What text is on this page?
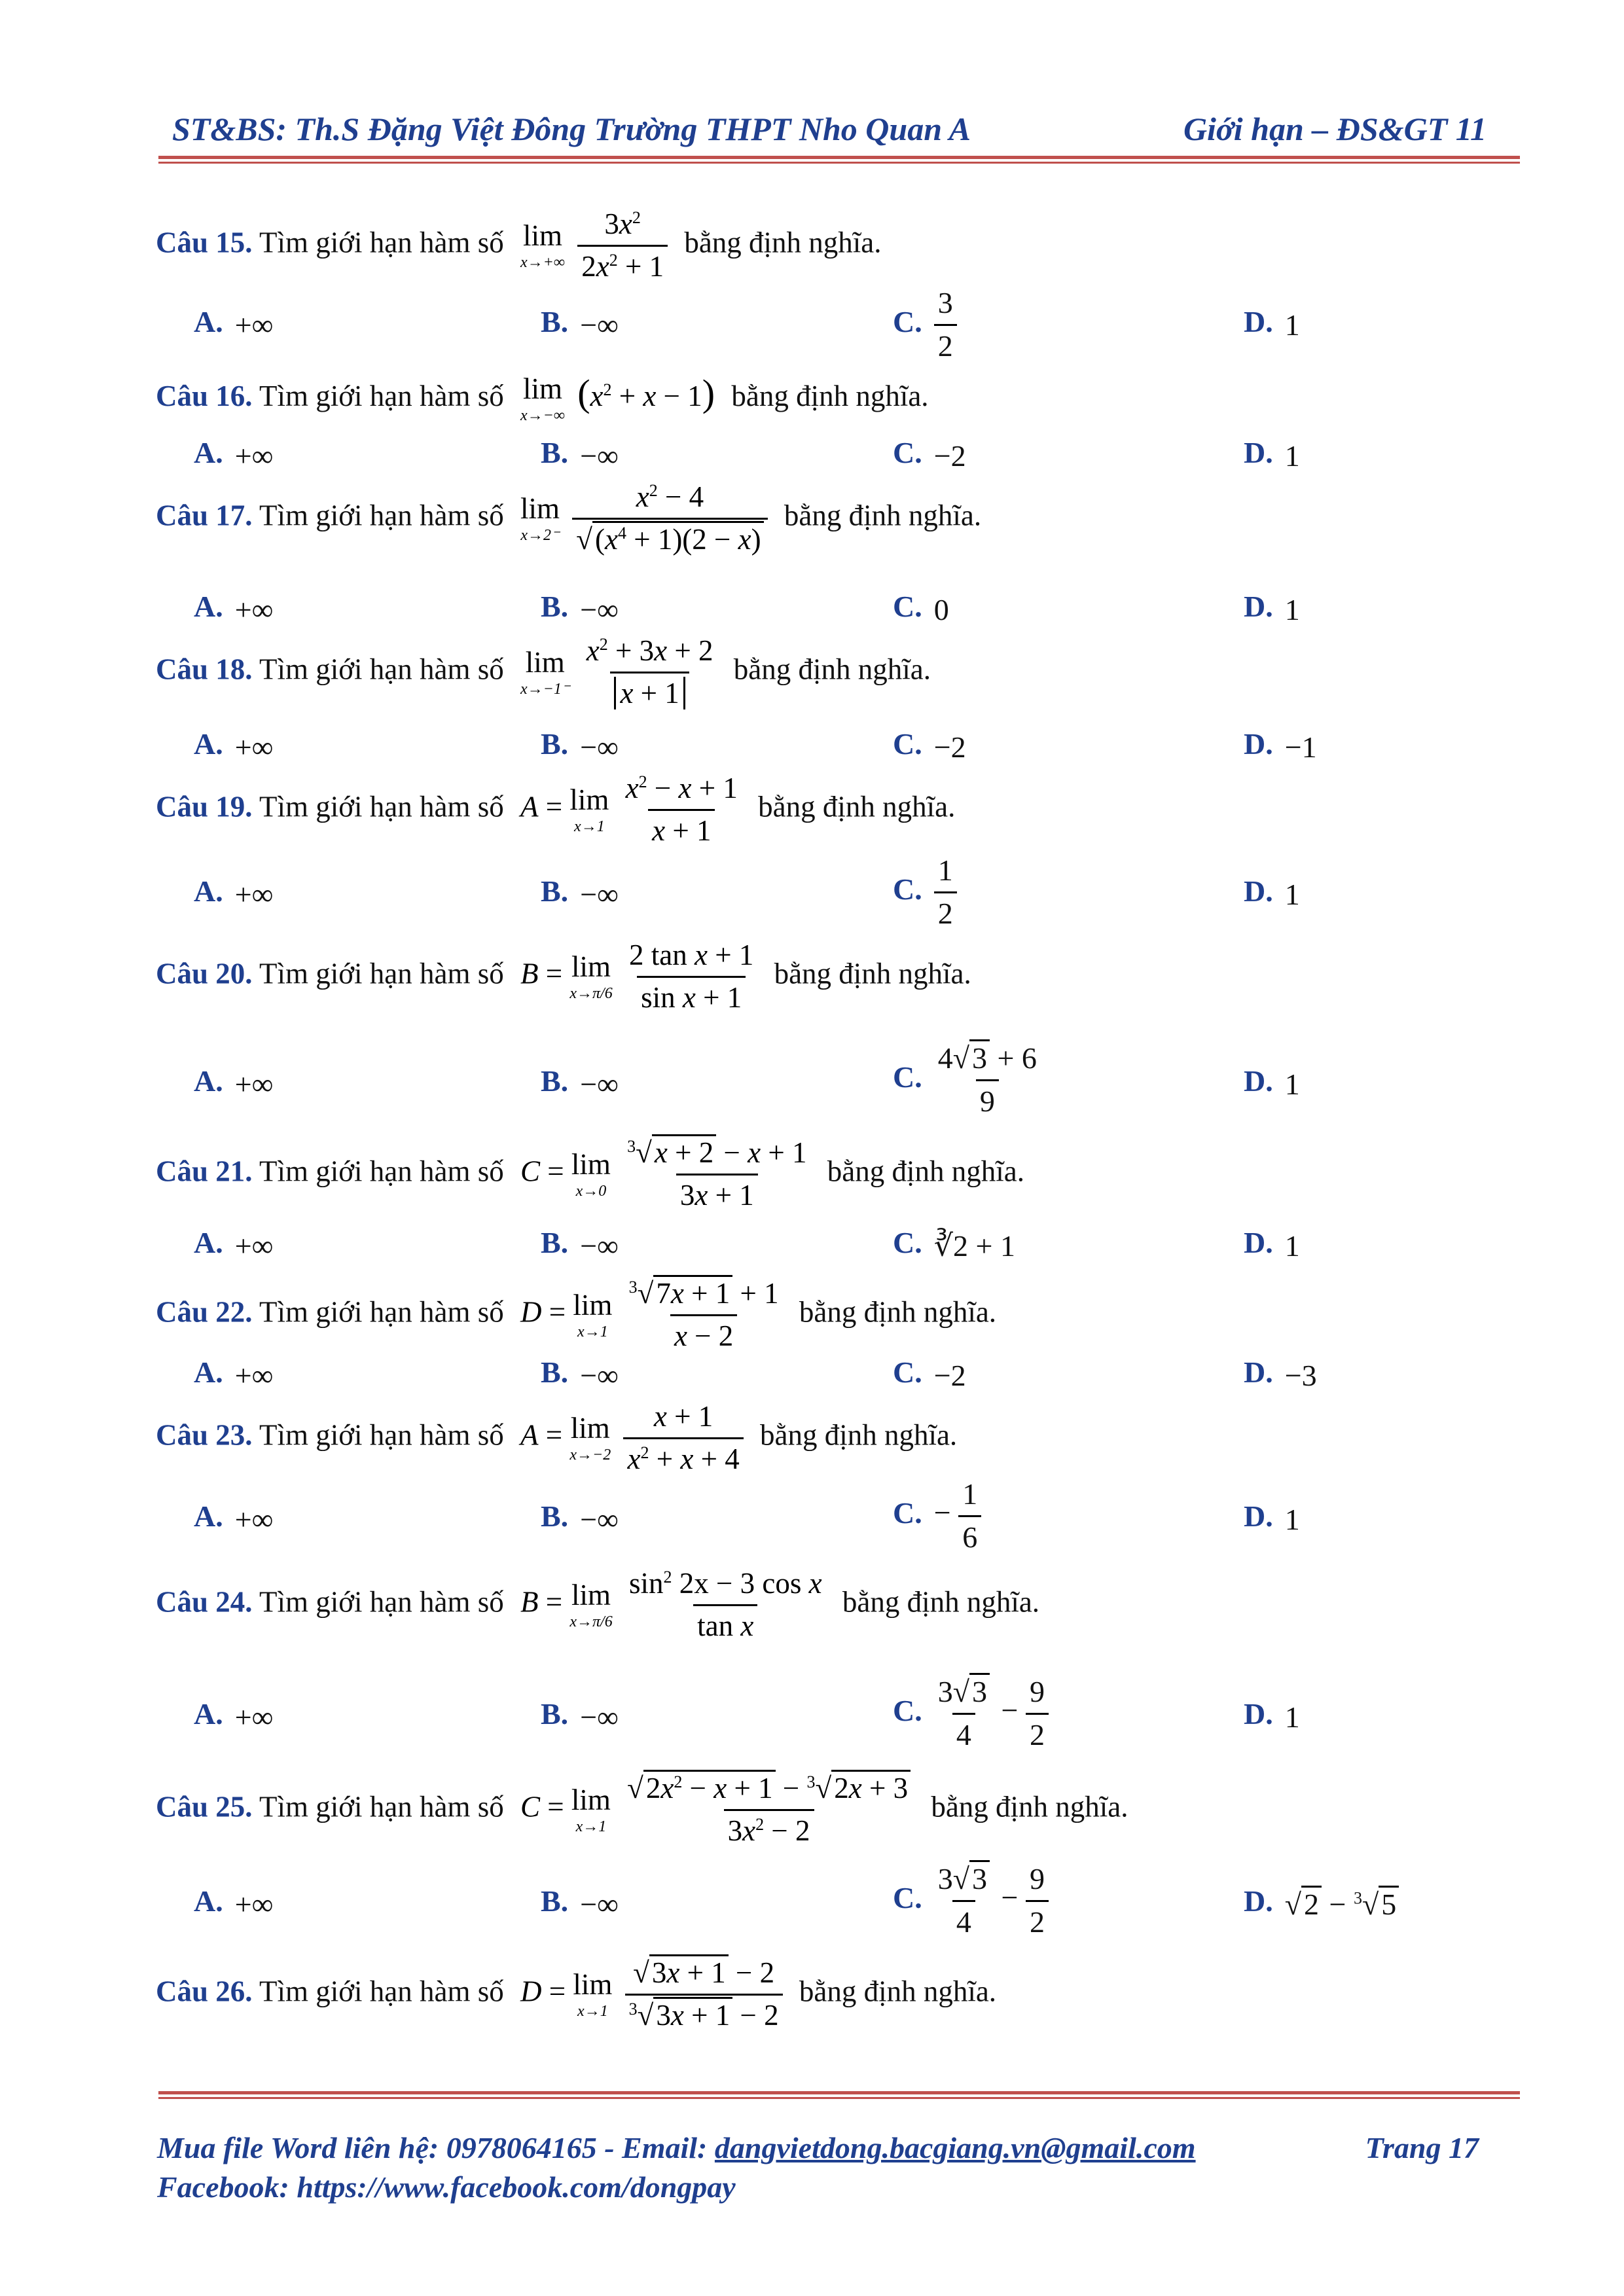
ST&BS: Th.S Đặng Việt Đông Trường THPT Nho Quan A	Giới hạn – ĐS&GT 11
Câu 15. Tìm giới hạn hàm số lim
x→+∞
$\frac{3x^2}{2x^2 + 1}$ bằng định nghĩa.
A. +∞	B. −∞	C. $\frac{3}{2}$	D. 1
Câu 16. Tìm giới hạn hàm số lim
x→−∞
$(x^2 + x - 1)$ bằng định nghĩa.
A. +∞	B. −∞	C. −2	D. 1
Câu 17. Tìm giới hạn hàm số lim
x→2⁻
$\frac{x^2 - 4}{√(x^4 + 1)(2 - x)}$ bằng định nghĩa.
A. +∞	B. −∞	C. 0	D. 1
Câu 18. Tìm giới hạn hàm số lim
x→−1⁻
$\frac{x^2 + 3x + 2}{x + 1}$ bằng định nghĩa.
A. +∞	B. −∞	C. −2	D. −1
Câu 19. Tìm giới hạn hàm số A = lim
x→1
$\frac{x^2 - x + 1}{x + 1}$ bằng định nghĩa.
A. +∞	B. −∞	C. $\frac{1}{2}$	D. 1
Câu 20. Tìm giới hạn hàm số B = lim
x→π/6
$\frac{\text{2 tan x + 1}}{\text{sin x + 1}}$ bằng định nghĩa.
A. +∞	B. −∞	C. $\frac{4√3 + 6}{9}$	D. 1
Câu 21. Tìm giới hạn hàm số C = lim
x→0
$\frac{^3√x + 2 - x + 1}{3x + 1}$ bằng định nghĩa.
A. +∞	B. −∞	C. ∛2 + 1	D. 1
Câu 22. Tìm giới hạn hàm số D = lim
x→1
$\frac{^3√7x + 1 + 1}{x - 2}$ bằng định nghĩa.
A. +∞	B. −∞	C. −2	D. −3
Câu 23. Tìm giới hạn hàm số A = lim
x→−2
$\frac{x + 1}{x^2 + x + 4}$ bằng định nghĩa.
A. +∞	B. −∞	C. − $\frac{1}{6}$	D. 1
Câu 24. Tìm giới hạn hàm số B = lim
x→π/6
$\frac{\sin^2 2x - 3 \cos x}{\text{tan x}}$ bằng định nghĩa.
A. +∞	B. −∞	C. $\frac{3√3}{4} - \frac{9}{2}$	D. 1
Câu 25. Tìm giới hạn hàm số C = lim
x→1
$\frac{√2x^2 - x + 1 - ^3√2x + 3}{3x^2 - 2}$ bằng định nghĩa.
A. +∞	B. −∞	C. $\frac{3√3}{4} - \frac{9}{2}$	D. √2 − $^3$√5
Câu 26. Tìm giới hạn hàm số D = lim
x→1
$\frac{√3x + 1 - 2}{^3√3x + 1 - 2}$ bằng định nghĩa.
Mua file Word liên hệ: 0978064165 - Email: dangvietdong.bacgiang.vn@gmail.com	Trang 17
Facebook: https://www.facebook.com/dongpay
